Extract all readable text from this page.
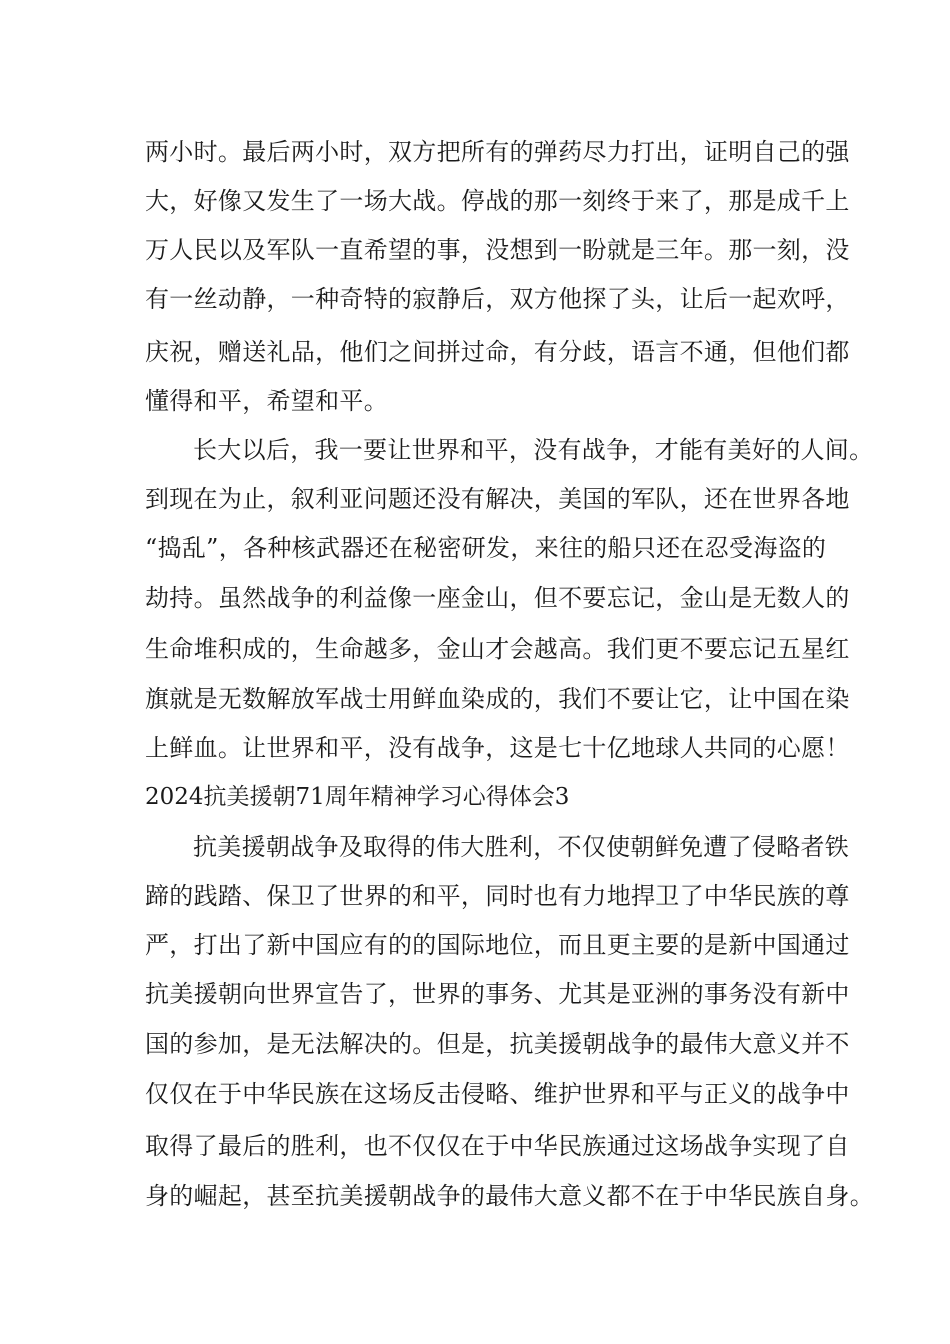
两小时。最后两小时，双方把所有的弹药尽力打出，证明自己的强
大，好像又发生了一场大战。停战的那一刻终于来了，那是成千上
万人民以及军队一直希望的事，没想到一盼就是三年。那一刻，没
有一丝动静，一种奇特的寂静后，双方他探了头，让后一起欢呼，
庆祝，赠送礼品，他们之间拼过命，有分歧，语言不通，但他们都
懂得和平，希望和平。
长大以后，我一要让世界和平，没有战争，才能有美好的人间。
到现在为止，叙利亚问题还没有解决，美国的军队，还在世界各地
“捣乱”，各种核武器还在秘密研发，来往的船只还在忍受海盗的
劫持。虽然战争的利益像一座金山，但不要忘记，金山是无数人的
生命堆积成的，生命越多，金山才会越高。我们更不要忘记五星红
旗就是无数解放军战士用鲜血染成的，我们不要让它，让中国在染
上鲜血。让世界和平，没有战争，这是七十亿地球人共同的心愿！
2024抗美援朝71周年精神学习心得体会3
抗美援朝战争及取得的伟大胜利，不仅使朝鲜免遭了侵略者铁
蹄的践踏、保卫了世界的和平，同时也有力地捍卫了中华民族的尊
严，打出了新中国应有的的国际地位，而且更主要的是新中国通过
抗美援朝向世界宣告了，世界的事务、尤其是亚洲的事务没有新中
国的参加，是无法解决的。但是，抗美援朝战争的最伟大意义并不
仅仅在于中华民族在这场反击侵略、维护世界和平与正义的战争中
取得了最后的胜利，也不仅仅在于中华民族通过这场战争实现了自
身的崛起，甚至抗美援朝战争的最伟大意义都不在于中华民族自身。
